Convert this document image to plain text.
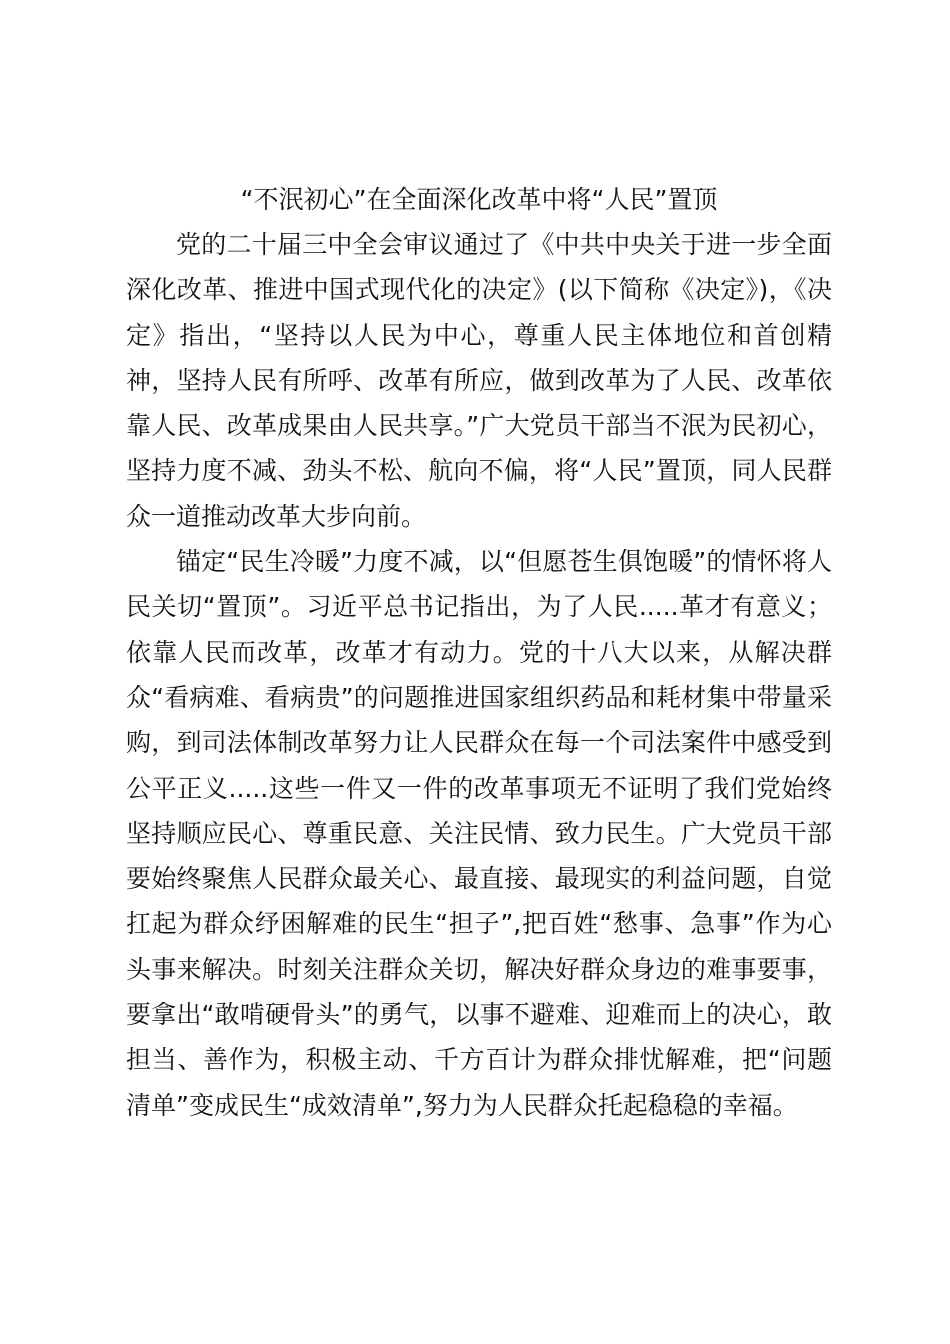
“不泯初心”在全面深化改革中将“人民”置顶

党的二十届三中全会审议通过了《中共中央关于进一步全面深化改革、推进中国式现代化的决定》(以下简称《决定》)，《决定》指出，“坚持以人民为中心，尊重人民主体地位和首创精神，坚持人民有所呼、改革有所应，做到改革为了人民、改革依靠人民、改革成果由人民共享。”广大党员干部当不泯为民初心，坚持力度不减、劲头不松、航向不偏，将“人民”置顶，同人民群众一道推动改革大步向前。

锚定“民生冷暖”力度不减，以“但愿苍生俱饱暖”的情怀将人民关切“置顶”。习近平总书记指出，为了人民.....革才有意义；依靠人民而改革，改革才有动力。党的十八大以来，从解决群众“看病难、看病贵”的问题推进国家组织药品和耗材集中带量采购，到司法体制改革努力让人民群众在每一个司法案件中感受到公平正义.....这些一件又一件的改革事项无不证明了我们党始终坚持顺应民心、尊重民意、关注民情、致力民生。广大党员干部要始终聚焦人民群众最关心、最直接、最现实的利益问题，自觉扛起为群众纾困解难的民生“担子”,把百姓“愁事、急事”作为心头事来解决。时刻关注群众关切，解决好群众身边的难事要事，要拿出“敢啃硬骨头”的勇气，以事不避难、迎难而上的决心，敢担当、善作为，积极主动、千方百计为群众排忧解难，把“问题清单”变成民生“成效清单”,努力为人民群众托起稳稳的幸福。
